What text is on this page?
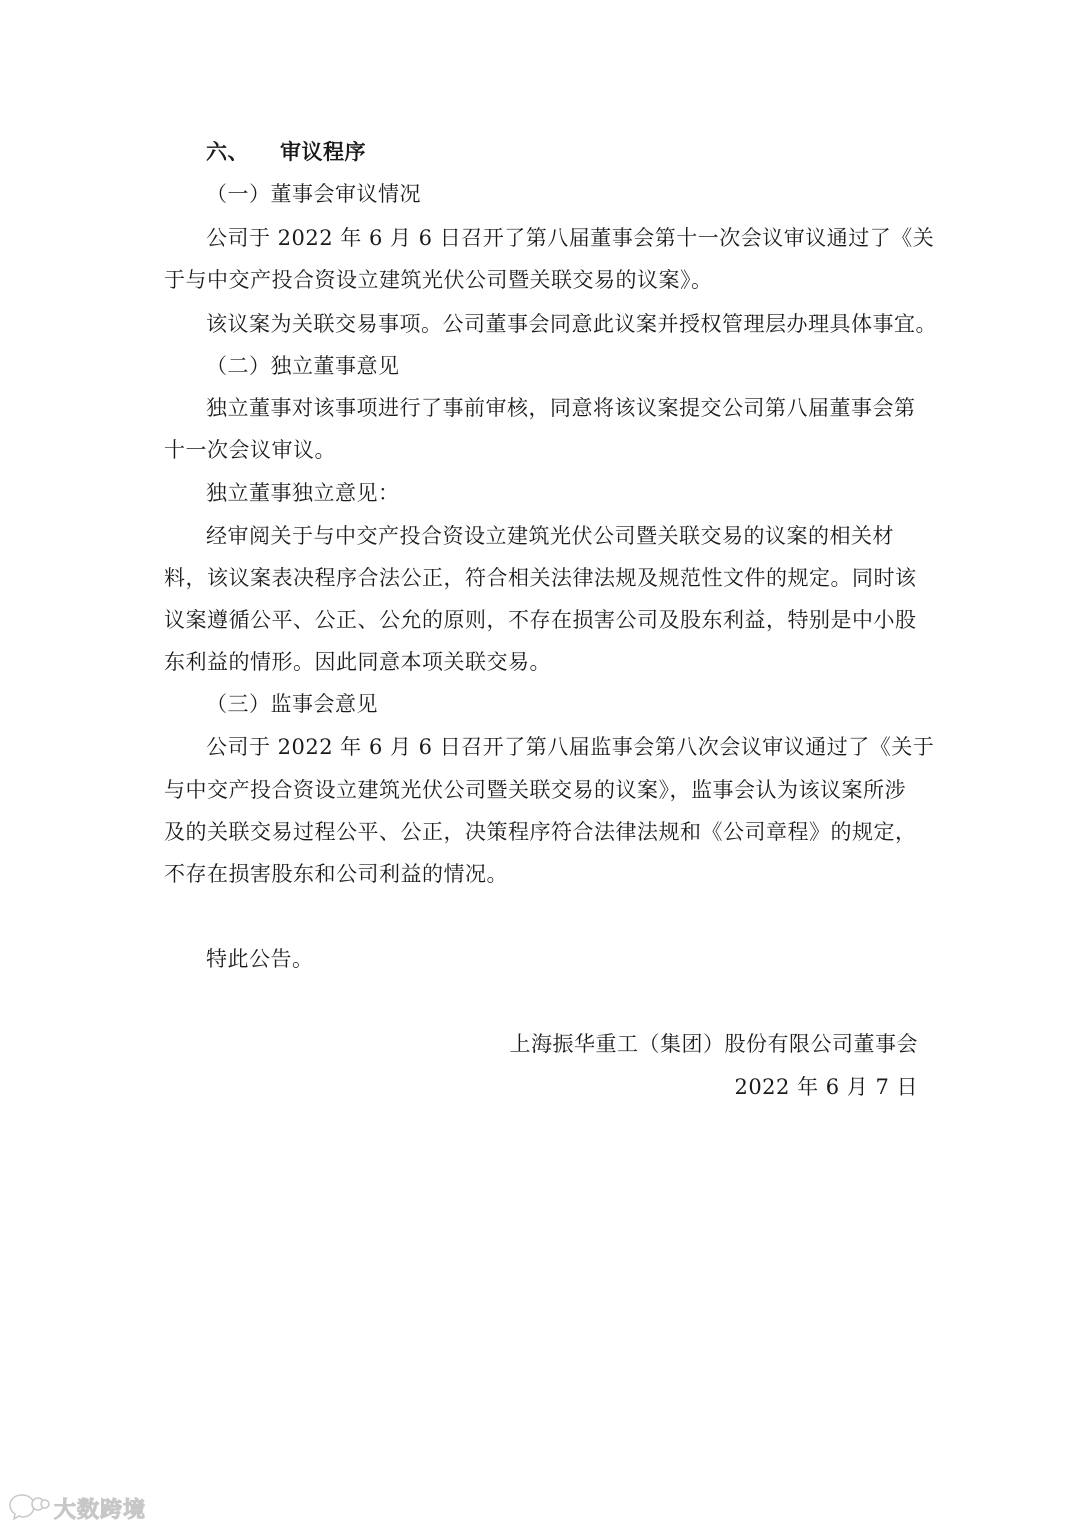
六、 审议程序
（一）董事会审议情况
公司于 2022 年 6 月 6 日召开了第八届董事会第十一次会议审议通过了《关
于与中交产投合资设立建筑光伏公司暨关联交易的议案》。
该议案为关联交易事项。公司董事会同意此议案并授权管理层办理具体事宜。
（二）独立董事意见
独立董事对该事项进行了事前审核，同意将该议案提交公司第八届董事会第
十一次会议审议。
独立董事独立意见：
经审阅关于与中交产投合资设立建筑光伏公司暨关联交易的议案的相关材
料，该议案表决程序合法公正，符合相关法律法规及规范性文件的规定。同时该
议案遵循公平、公正、公允的原则，不存在损害公司及股东利益，特别是中小股
东利益的情形。因此同意本项关联交易。
（三）监事会意见
公司于 2022 年 6 月 6 日召开了第八届监事会第八次会议审议通过了《关于
与中交产投合资设立建筑光伏公司暨关联交易的议案》，监事会认为该议案所涉
及的关联交易过程公平、公正，决策程序符合法律法规和《公司章程》的规定，
不存在损害股东和公司利益的情况。
特此公告。
上海振华重工（集团）股份有限公司董事会
2022 年 6 月 7 日
大数跨境
